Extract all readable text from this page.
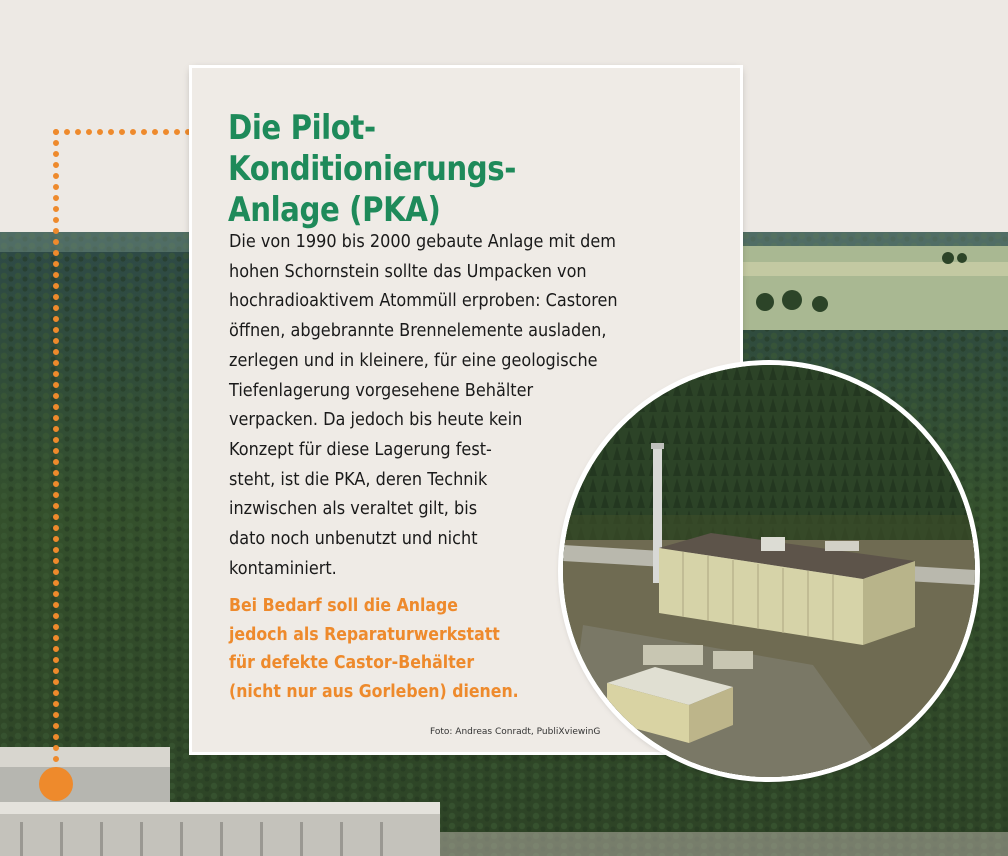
Die Pilot-Konditionierungs-
Anlage (PKA)

Die von 1990 bis 2000 gebaute Anlage mit dem
hohen Schornstein sollte das Umpacken von
hochradioaktivem Atommüll erproben: Castoren
öffnen, abgebrannte Brennelemente ausladen,
zerlegen und in kleinere, für eine geologische
Tiefenlagerung vorgesehene Behälter
verpacken. Da jedoch bis heute kein
Konzept für diese Lagerung fest-
steht, ist die PKA, deren Technik
inzwischen als veraltet gilt, bis
dato noch unbenutzt und nicht
kontaminiert.

Bei Bedarf soll die Anlage
jedoch als Reparaturwerkstatt
für defekte Castor-Behälter
(nicht nur aus Gorleben) dienen.

Foto: Andreas Conradt, PubliXviewinG
